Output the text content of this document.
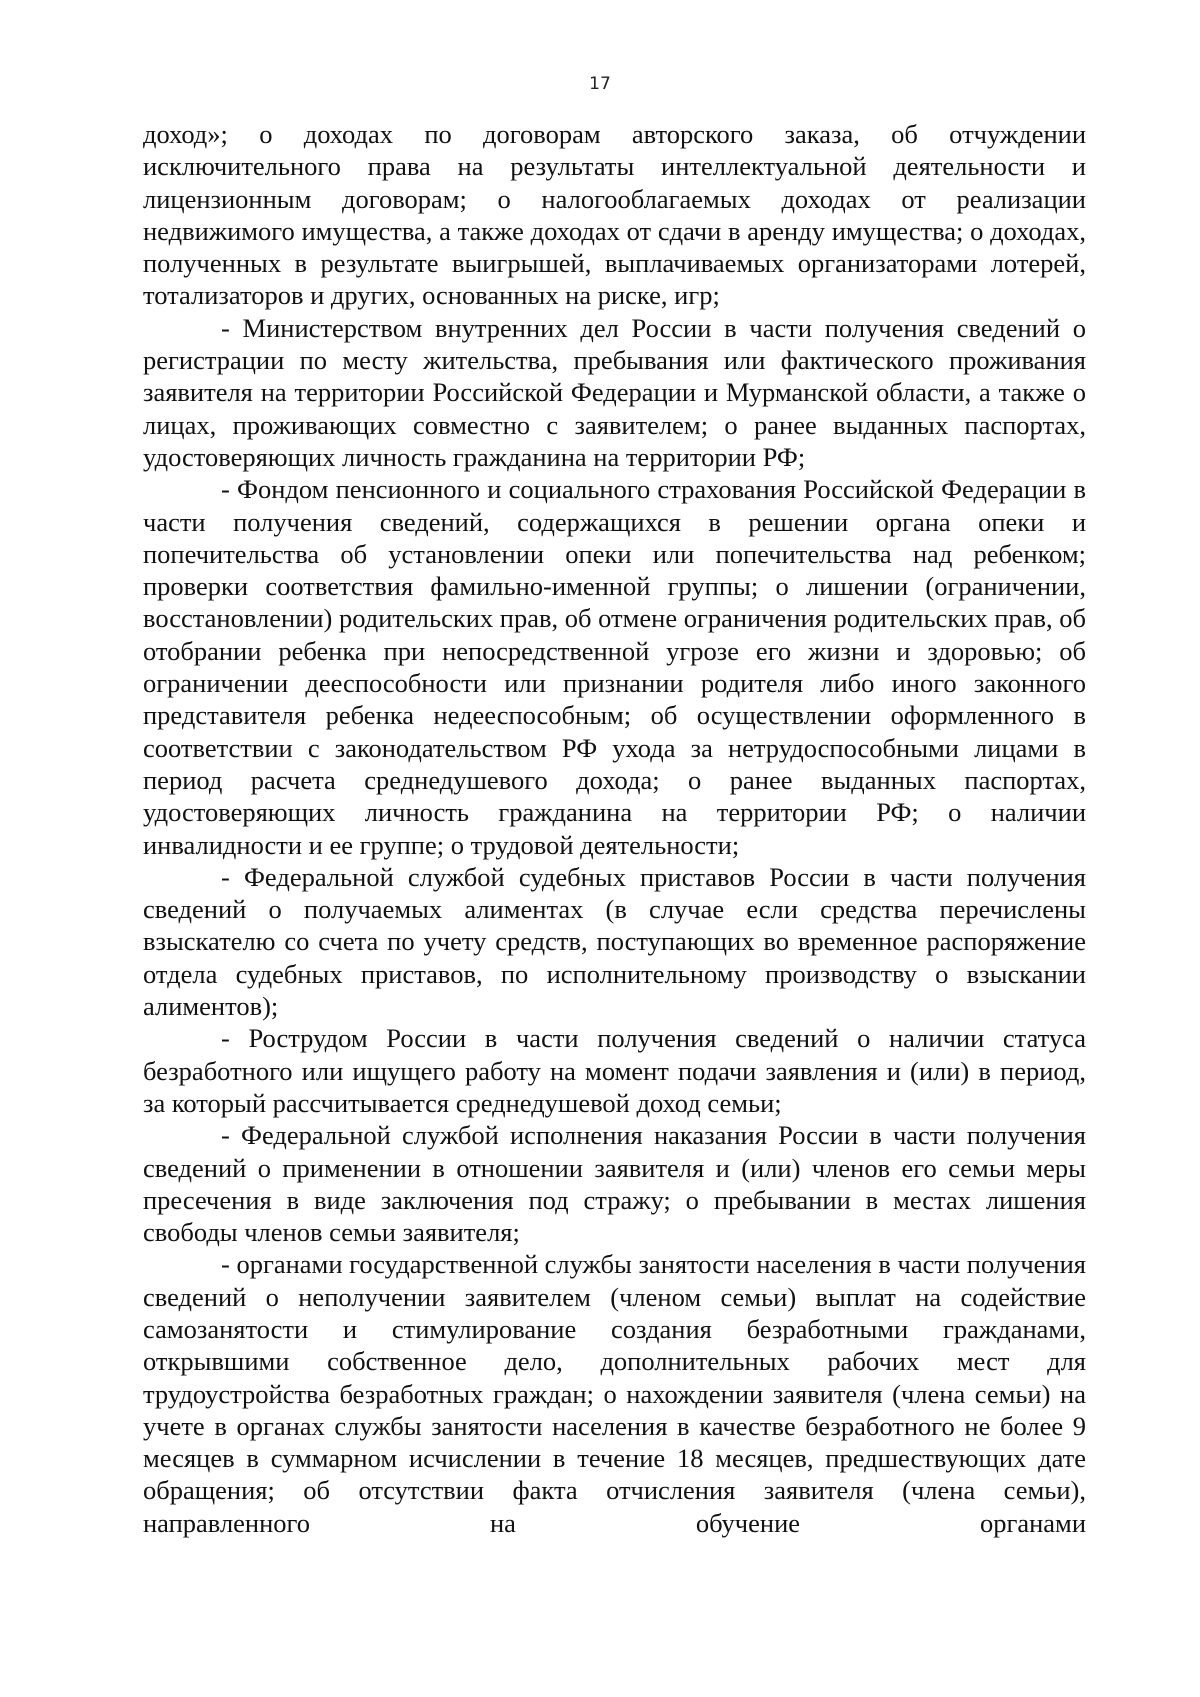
17

доход»; о доходах по договорам авторского заказа, об отчуждении исключительного права на результаты интеллектуальной деятельности и лицензионным договорам; о налогооблагаемых доходах от реализации недвижимого имущества, а также доходах от сдачи в аренду имущества; о доходах, полученных в результате выигрышей, выплачиваемых организаторами лотерей, тотализаторов и других, основанных на риске, игр;

- Министерством внутренних дел России в части получения сведений о регистрации по месту жительства, пребывания или фактического проживания заявителя на территории Российской Федерации и Мурманской области, а также о лицах, проживающих совместно с заявителем; о ранее выданных паспортах, удостоверяющих личность гражданина на территории РФ;

- Фондом пенсионного и социального страхования Российской Федерации в части получения сведений, содержащихся в решении органа опеки и попечительства об установлении опеки или попечительства над ребенком; проверки соответствия фамильно-именной группы; о лишении (ограничении, восстановлении) родительских прав, об отмене ограничения родительских прав, об отобрании ребенка при непосредственной угрозе его жизни и здоровью; об ограничении дееспособности или признании родителя либо иного законного представителя ребенка недееспособным; об осуществлении оформленного в соответствии с законодательством РФ ухода за нетрудоспособными лицами в период расчета среднедушевого дохода; о ранее выданных паспортах, удостоверяющих личность гражданина на территории РФ; о наличии инвалидности и ее группе; о трудовой деятельности;

- Федеральной службой судебных приставов России в части получения сведений о получаемых алиментах (в случае если средства перечислены взыскателю со счета по учету средств, поступающих во временное распоряжение отдела судебных приставов, по исполнительному производству о взыскании алиментов);

- Рострудом России в части получения сведений о наличии статуса безработного или ищущего работу на момент подачи заявления и (или) в период, за который рассчитывается среднедушевой доход семьи;

- Федеральной службой исполнения наказания России в части получения сведений о применении в отношении заявителя и (или) членов его семьи меры пресечения в виде заключения под стражу; о пребывании в местах лишения свободы членов семьи заявителя;

- органами государственной службы занятости населения в части получения сведений о неполучении заявителем (членом семьи) выплат на содействие самозанятости и стимулирование создания безработными гражданами, открывшими собственное дело, дополнительных рабочих мест для трудоустройства безработных граждан; о нахождении заявителя (члена семьи) на учете в органах службы занятости населения в качестве безработного не более 9 месяцев в суммарном исчислении в течение 18 месяцев, предшествующих дате обращения; об отсутствии факта отчисления заявителя (члена семьи), направленного на обучение органами
